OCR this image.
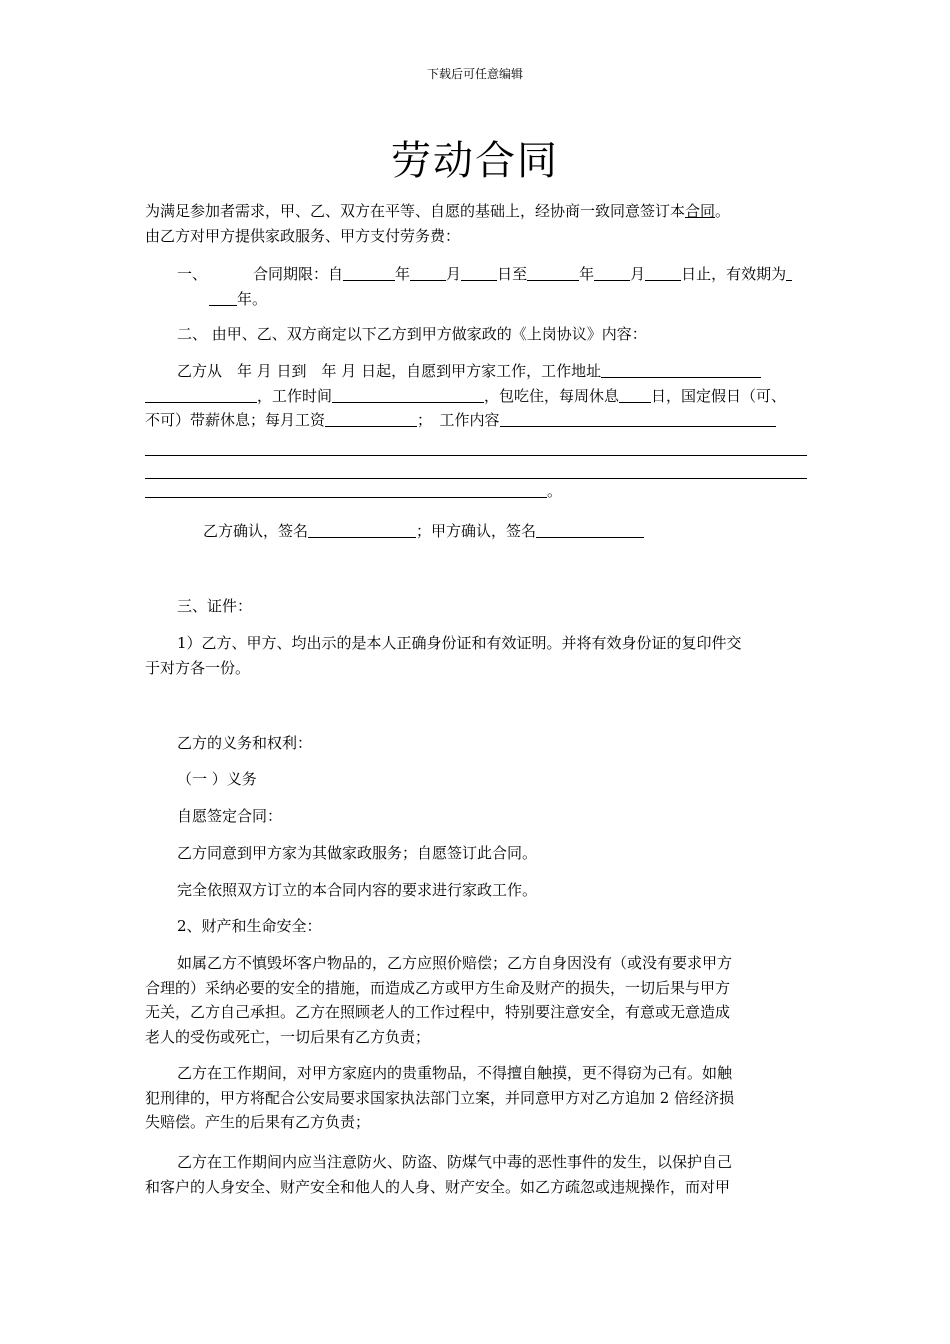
下载后可任意编辑
劳动合同
为满足参加者需求，甲、乙、双方在平等、自愿的基础上，经协商一致同意签订本合同。
由乙方对甲方提供家政服务、甲方支付劳务费：
一、	合同期限：自	年 月 日至	年 月 日止，有效期为
年。
二、 由甲、乙、双方商定以下乙方到甲方做家政的《上岗协议》内容：
乙方从　年 月 日到　年 月 日起，自愿到甲方家工作，工作地址
，工作时间	，包吃住，每周休息 日，国定假日（可、
不可）带薪休息；每月工资	；　工作内容
。
乙方确认，签名	；甲方确认，签名
三、证件：
1）乙方、甲方、均出示的是本人正确身份证和有效证明。并将有效身份证的复印件交
于对方各一份。
乙方的义务和权利：
（一 ）义务
自愿签定合同：
乙方同意到甲方家为其做家政服务；自愿签订此合同。
完全依照双方订立的本合同内容的要求进行家政工作。
2、财产和生命安全：
如属乙方不慎毁坏客户物品的，乙方应照价赔偿；乙方自身因没有（或没有要求甲方
合理的）采纳必要的安全的措施，而造成乙方或甲方生命及财产的损失，一切后果与甲方
无关，乙方自己承担。乙方在照顾老人的工作过程中，特别要注意安全，有意或无意造成
老人的受伤或死亡，一切后果有乙方负责；
乙方在工作期间，对甲方家庭内的贵重物品，不得擅自触摸，更不得窃为己有。如触
犯刑律的，甲方将配合公安局要求国家执法部门立案，并同意甲方对乙方追加 2 倍经济损
失赔偿。产生的后果有乙方负责；
乙方在工作期间内应当注意防火、防盗、防煤气中毒的恶性事件的发生，以保护自己
和客户的人身安全、财产安全和他人的人身、财产安全。如乙方疏忽或违规操作，而对甲
